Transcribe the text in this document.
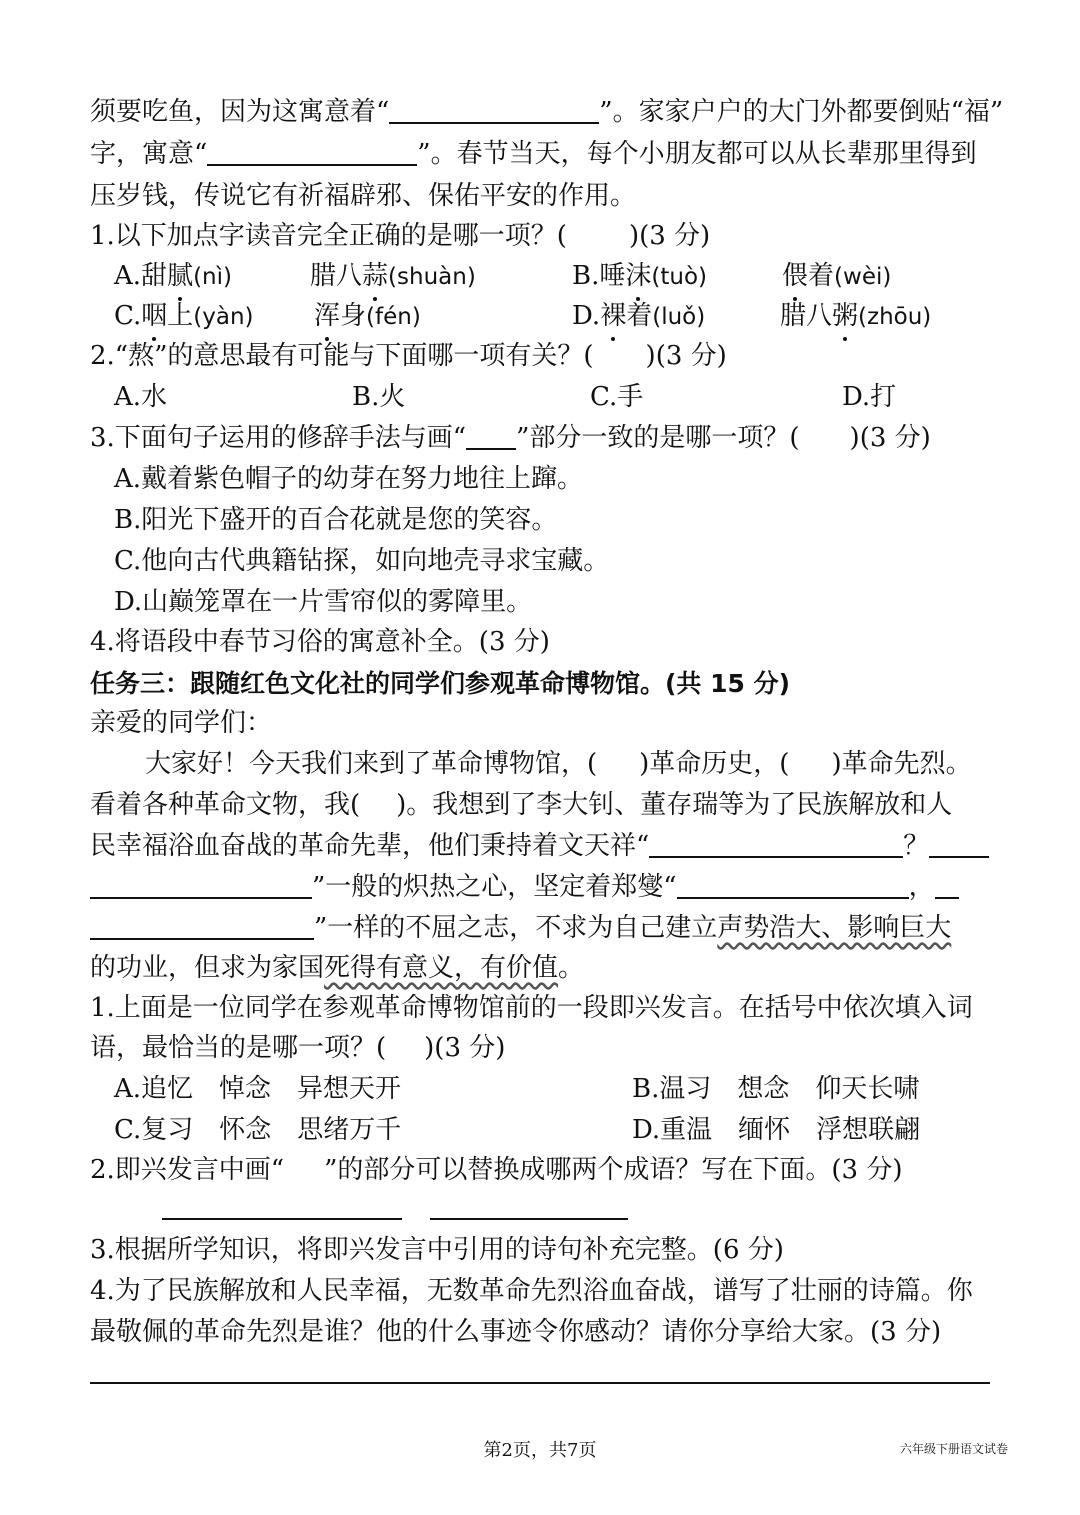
须要吃鱼，因为这寓意着“	”。家家户户的大门外都要倒贴“福”
字，寓意“	”。春节当天，每个小朋友都可以从长辈那里得到
压岁钱，传说它有祈福辟邪、保佑平安的作用。
1.以下加点字读音完全正确的是哪一项？( )(3 分)
A.甜腻(nì)	腊八蒜(shuàn)	B.唾沫(tuò)	偎着(wèi)
C.咽上(yàn) 浑身(fén)	D.裸着(luǒ)	腊八粥(zhōu)
2.“熬”的意思最有可能与下面哪一项有关？( )(3 分)
A.水	B.火	C.手	D.打
3.下面句子运用的修辞手法与画“ ”部分一致的是哪一项？( )(3 分)
A.戴着紫色帽子的幼芽在努力地往上蹿。
B.阳光下盛开的百合花就是您的笑容。
C.他向古代典籍钻探，如向地壳寻求宝藏。
D.山巅笼罩在一片雪帘似的雾障里。
4.将语段中春节习俗的寓意补全。(3 分)
任务三：跟随红色文化社的同学们参观革命博物馆。(共 15 分)
亲爱的同学们：
大家好！今天我们来到了革命博物馆，( )革命历史，( )革命先烈。
看着各种革命文物，我( )。我想到了李大钊、董存瑞等为了民族解放和人
民幸福浴血奋战的革命先辈，他们秉持着文天祥“	？
”一般的炽热之心，坚定着郑燮“	，
”一样的不屈之志，不求为自己建立声势浩大、影响巨大
的功业，但求为家国死得有意义，有价值。
1.上面是一位同学在参观革命博物馆前的一段即兴发言。在括号中依次填入词
语，最恰当的是哪一项？( )(3 分)
A.追忆　悼念　异想天开	B.温习　想念　仰天长啸
C.复习　怀念　思绪万千	D.重温　缅怀　浮想联翩
2.即兴发言中画“ ”的部分可以替换成哪两个成语？写在下面。(3 分)
3.根据所学知识，将即兴发言中引用的诗句补充完整。(6 分)
4.为了民族解放和人民幸福，无数革命先烈浴血奋战，谱写了壮丽的诗篇。你
最敬佩的革命先烈是谁？他的什么事迹令你感动？请你分享给大家。(3 分)
第2页，共7页	六年级下册语文试卷
